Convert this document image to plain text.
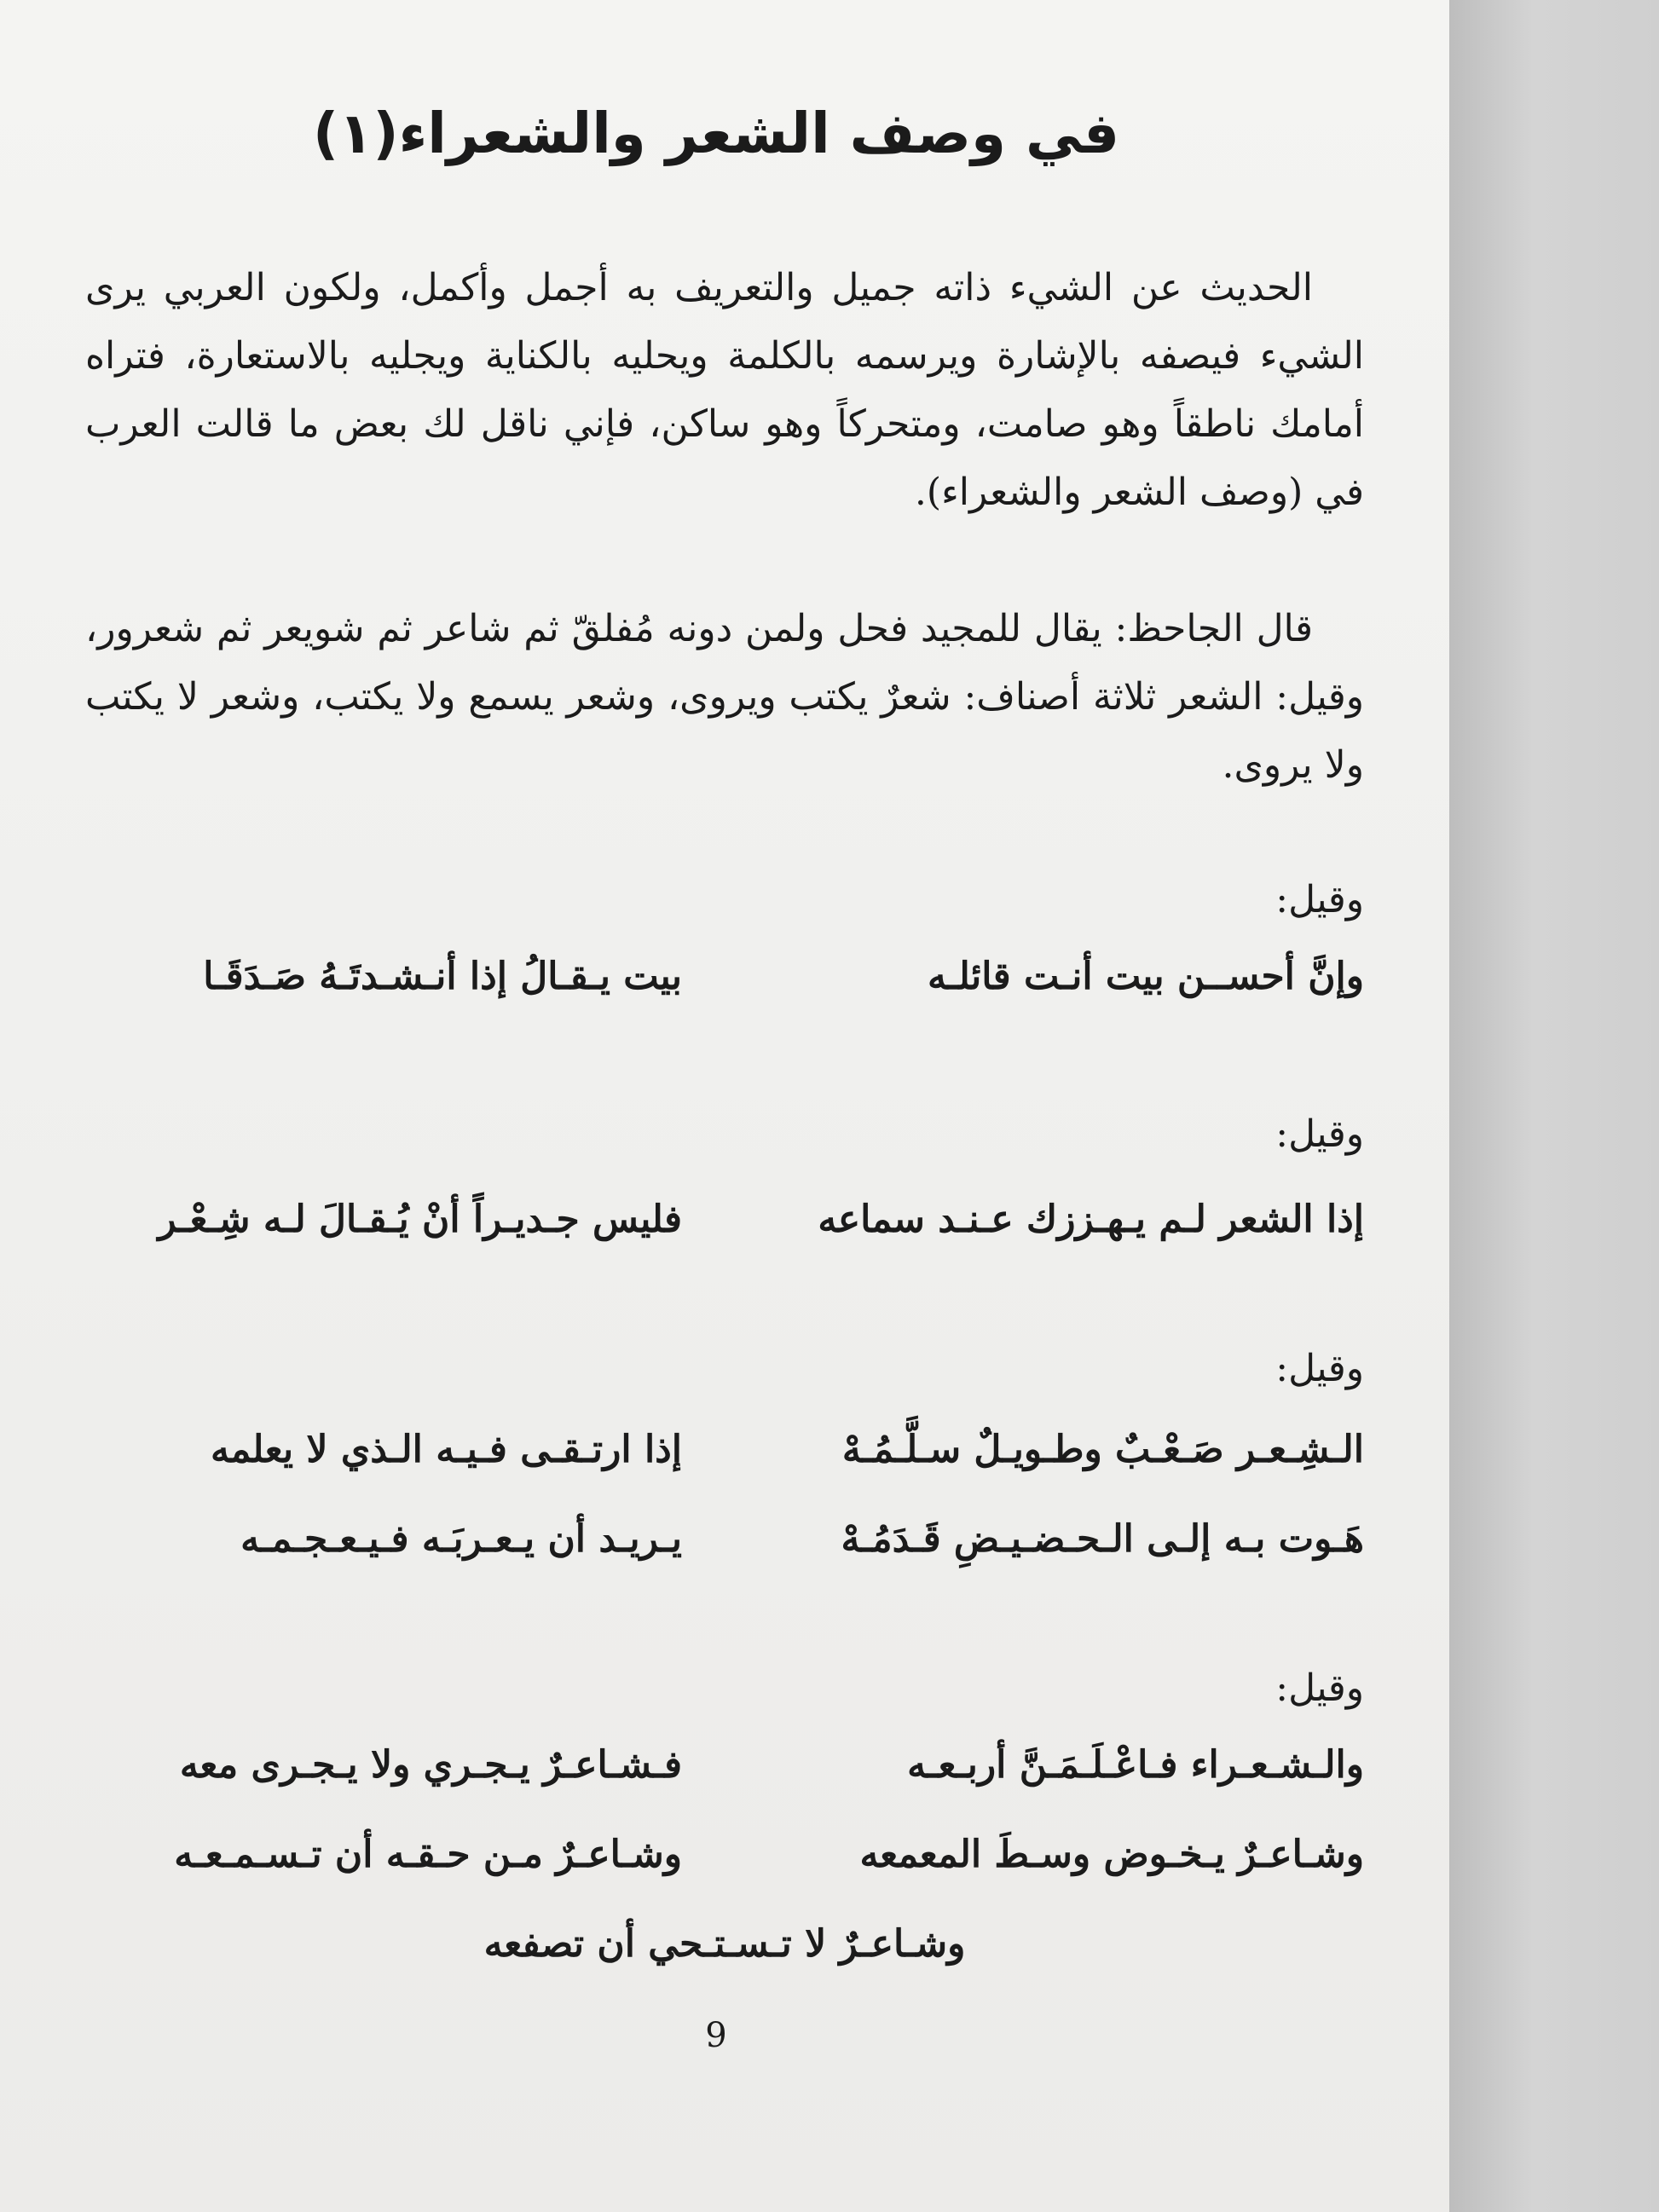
في وصف الشعر والشعراء(١)

الحديث عن الشيء ذاته جميل والتعريف به أجمل وأكمل، ولكون العربي يرى الشيء فيصفه بالإشارة ويرسمه بالكلمة ويحليه بالكناية ويجليه بالاستعارة، فتراه أمامك ناطقاً وهو صامت، ومتحركاً وهو ساكن، فإني ناقل لك بعض ما قالت العرب في (وصف الشعر والشعراء).

قال الجاحظ: يقال للمجيد فحل ولمن دونه مُفلقّ ثم شاعر ثم شويعر ثم شعرور، وقيل: الشعر ثلاثة أصناف: شعرٌ يكتب ويروى، وشعر يسمع ولا يكتب، وشعر لا يكتب ولا يروى.

وقيل:

وإنَّ أحســن بيت أنـت قائلـه
بيت يـقـالُ إذا أنـشـدتَـهُ صَـدَقَـا

وقيل:

إذا الشعر لـم يـهـززك عـنـد سماعه
فليس جـديـراً أنْ يُـقـالَ لـه شِـعْـر

وقيل:

الـشِـعـر صَـعْـبٌ وطـويـلٌ سـلَّـمُـهْ
إذا ارتـقـى فـيـه الـذي لا يعلمه
هَـوت بـه إلـى الـحـضـيـضِ قَـدَمُـهْ
يـريـد أن يـعـربَـه فـيـعـجـمـه

وقيل:

والـشـعـراء فـاعْـلَـمَـنَّ أربـعـه
فـشـاعـرٌ يـجـري ولا يـجـرى معه
وشـاعـرٌ يـخـوض وسـطَ المعمعه
وشـاعـرٌ مـن حـقـه أن تـسـمـعـه
وشـاعـرٌ لا تـسـتـحي أن تصفعه
9
